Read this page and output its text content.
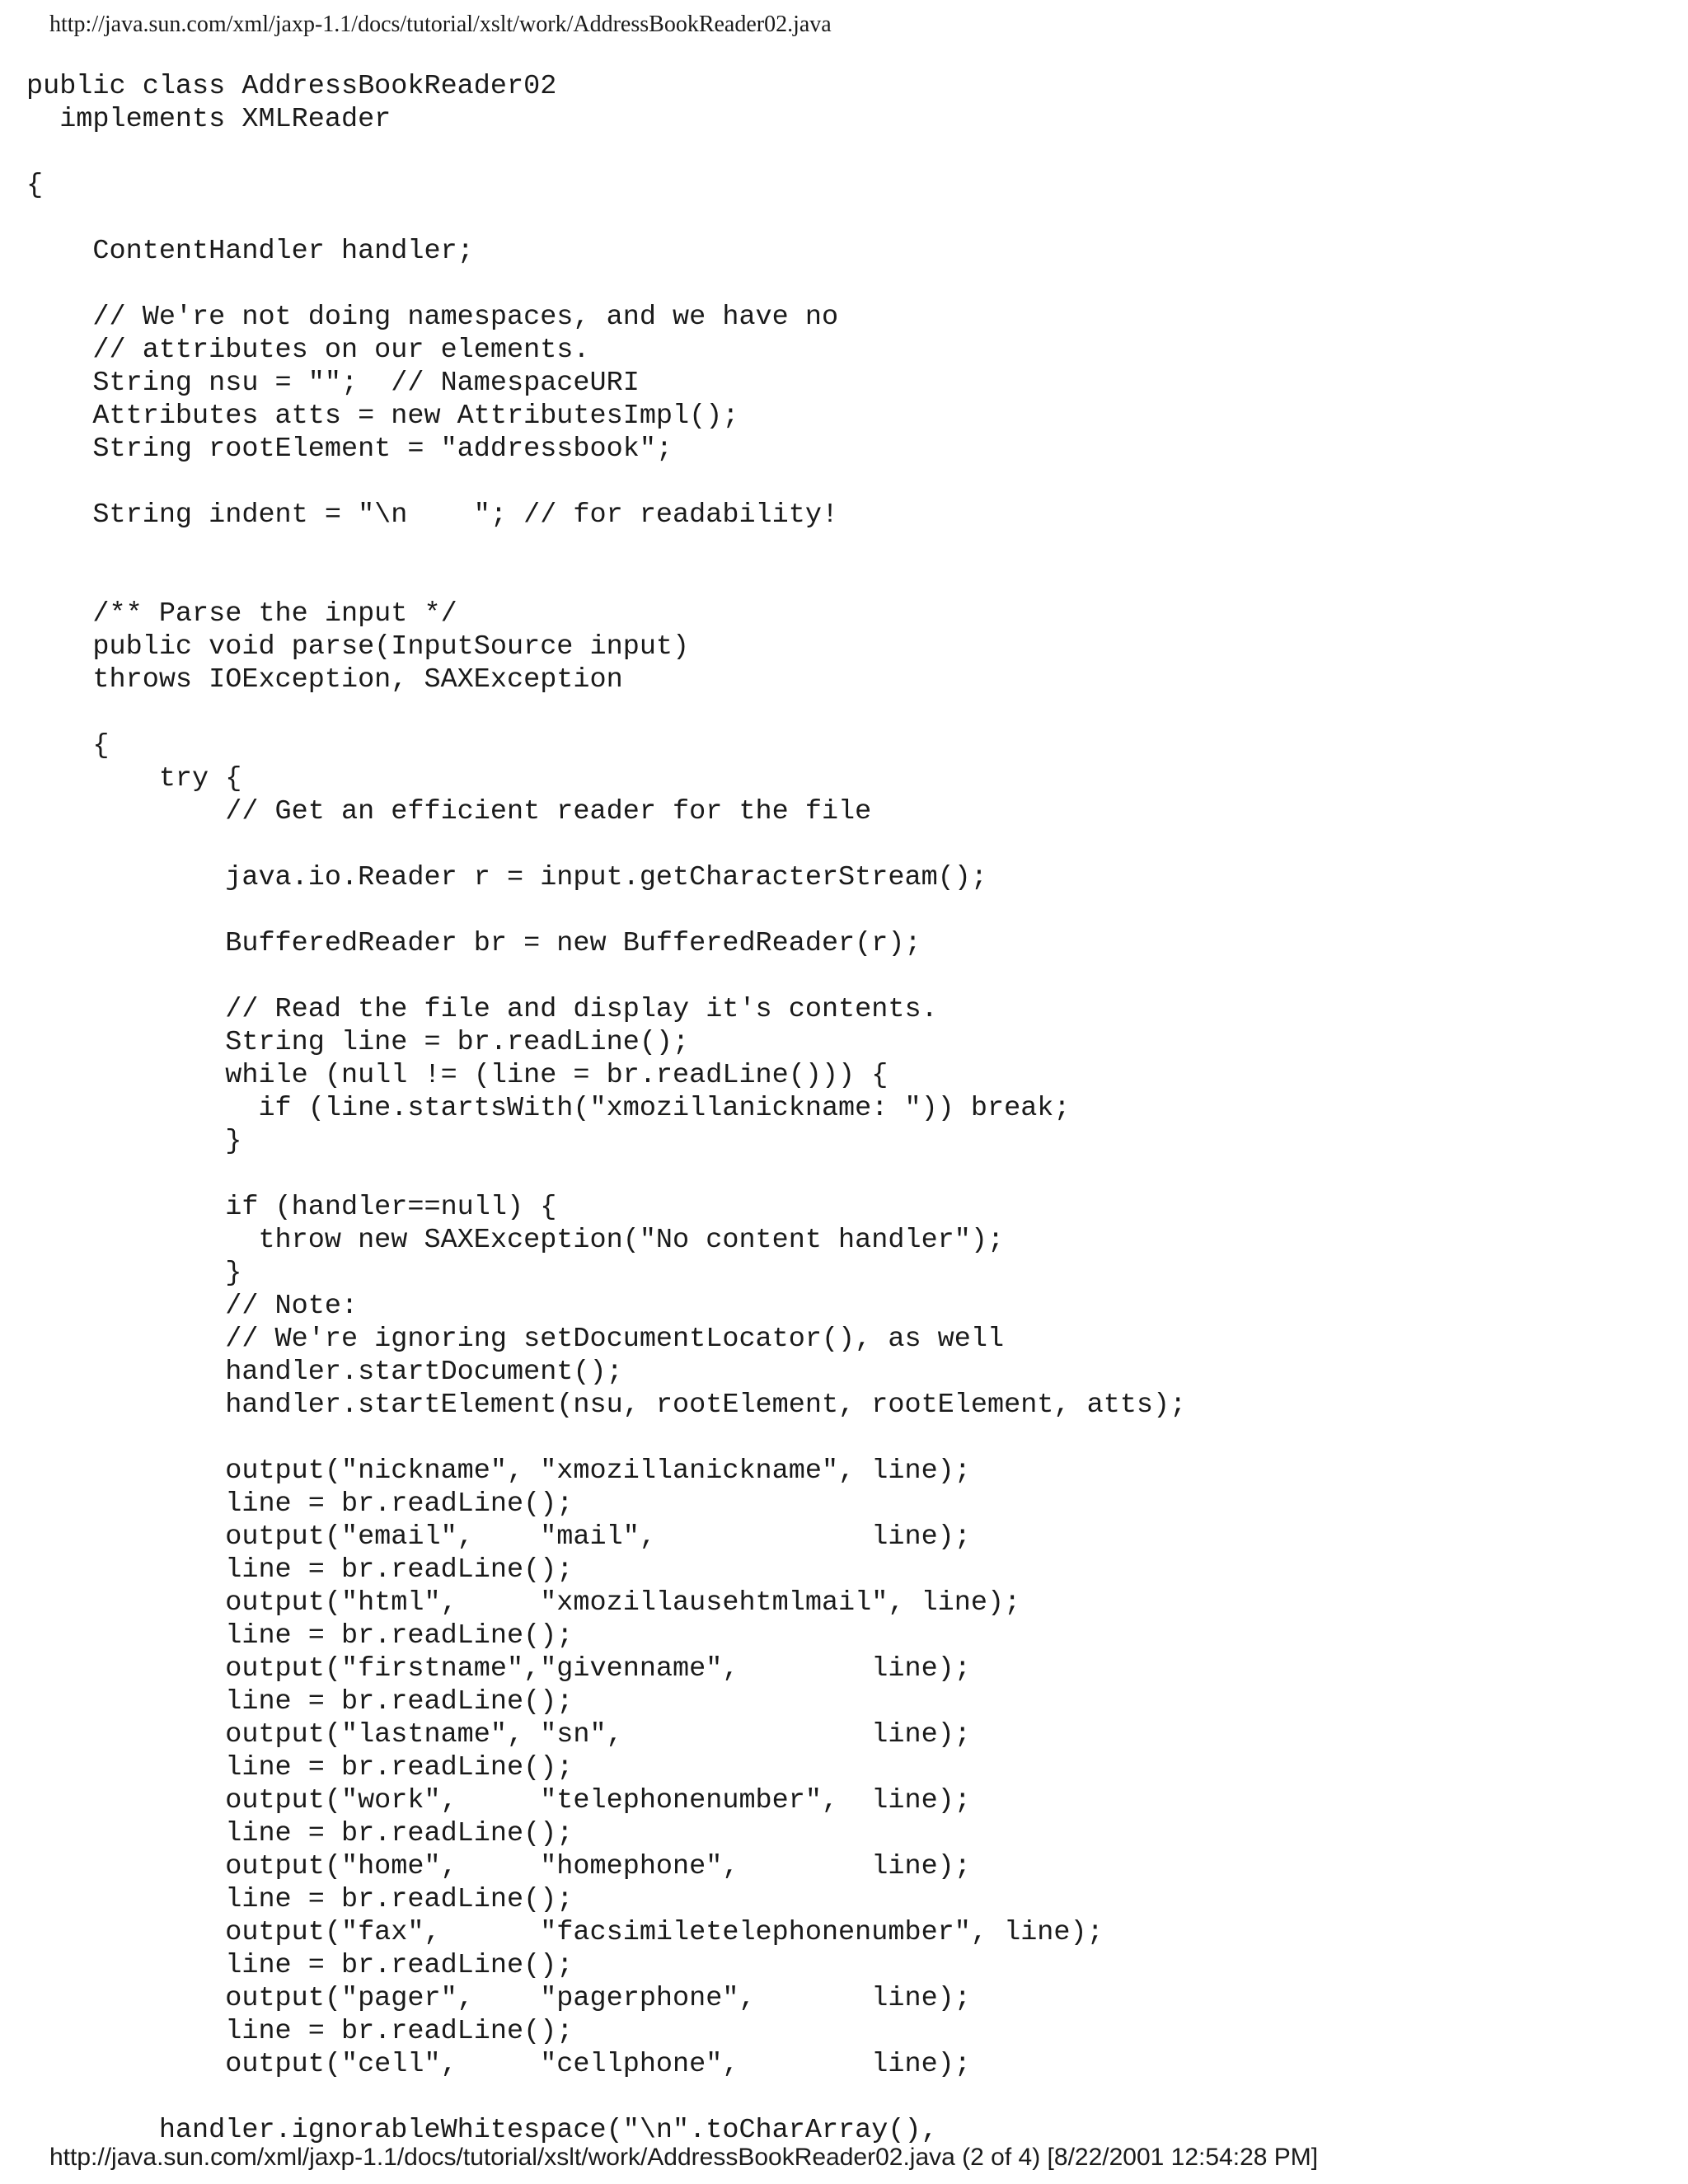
http://java.sun.com/xml/jaxp-1.1/docs/tutorial/xslt/work/AddressBookReader02.java
public class AddressBookReader02
implements XMLReader
{
ContentHandler handler;
// We're not doing namespaces, and we have no
// attributes on our elements.
String nsu = "";  // NamespaceURI
Attributes atts = new AttributesImpl();
String rootElement = "addressbook";
String indent = "\n    "; // for readability!
/** Parse the input */
public void parse(InputSource input)
throws IOException, SAXException
{
try {
// Get an efficient reader for the file
java.io.Reader r = input.getCharacterStream();
BufferedReader br = new BufferedReader(r);
// Read the file and display it's contents.
String line = br.readLine();
while (null != (line = br.readLine())) {
if (line.startsWith("xmozillanickname: ")) break;
}
if (handler==null) {
throw new SAXException("No content handler");
}
// Note:
// We're ignoring setDocumentLocator(), as well
handler.startDocument();
handler.startElement(nsu, rootElement, rootElement, atts);
output("nickname", "xmozillanickname", line);
line = br.readLine();
output("email",    "mail",             line);
line = br.readLine();
output("html",     "xmozillausehtmlmail", line);
line = br.readLine();
output("firstname","givenname",        line);
line = br.readLine();
output("lastname", "sn",               line);
line = br.readLine();
output("work",     "telephonenumber",  line);
line = br.readLine();
output("home",     "homephone",        line);
line = br.readLine();
output("fax",      "facsimiletelephonenumber", line);
line = br.readLine();
output("pager",    "pagerphone",       line);
line = br.readLine();
output("cell",     "cellphone",        line);
handler.ignorableWhitespace("\n".toCharArray(),
http://java.sun.com/xml/jaxp-1.1/docs/tutorial/xslt/work/AddressBookReader02.java (2 of 4) [8/22/2001 12:54:28 PM]
